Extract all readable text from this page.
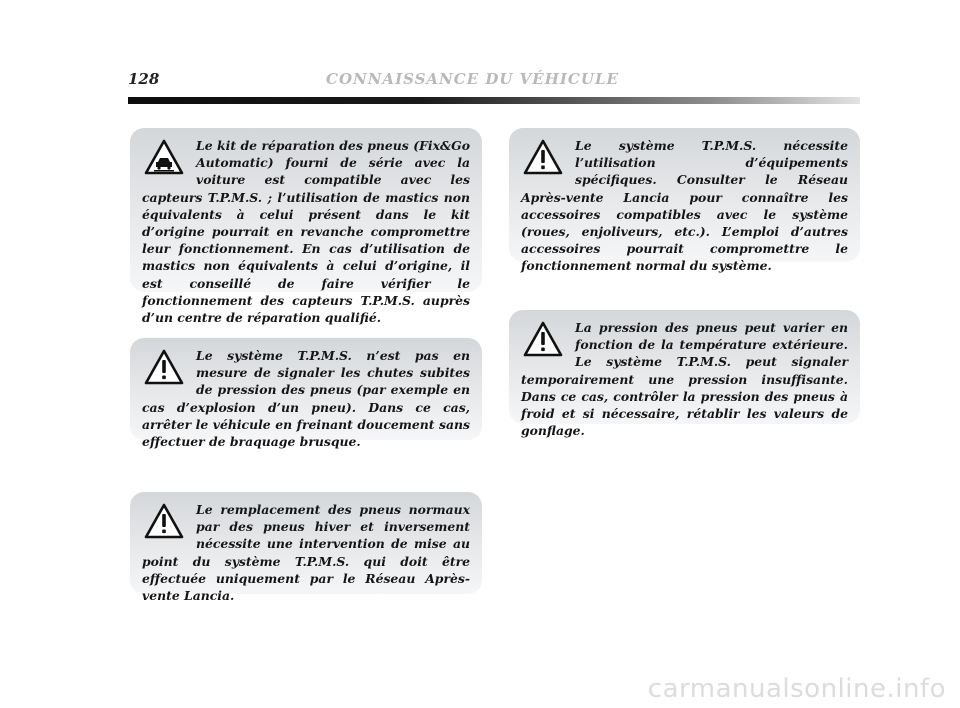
128	CONNAISSANCE DU VÉHICULE

Le kit de réparation des pneus (Fix&Go Automatic) fourni de série avec la voiture est compatible avec les capteurs T.P.M.S. ; l’utilisation de mastics non équivalents à celui présent dans le kit d’origine pourrait en revanche compromettre leur fonctionnement. En cas d’utilisation de mastics non équivalents à celui d’origine, il est conseillé de faire vérifier le fonctionnement des capteurs T.P.M.S. auprès d’un centre de réparation qualifié.

Le système T.P.M.S. n’est pas en mesure de signaler les chutes subites de pression des pneus (par exemple en cas d’explosion d’un pneu). Dans ce cas, arrêter le véhicule en freinant doucement sans effectuer de braquage brusque.

Le remplacement des pneus normaux par des pneus hiver et inversement nécessite une intervention de mise au point du système T.P.M.S. qui doit être effectuée uniquement par le Réseau Après-vente Lancia.

Le système T.P.M.S. nécessite l’utilisation d’équipements spécifiques. Consulter le Réseau Après-vente Lancia pour connaître les accessoires compatibles avec le système (roues, enjoliveurs, etc.). L’emploi d’autres accessoires pourrait compromettre le fonctionnement normal du système.

La pression des pneus peut varier en fonction de la température extérieure. Le système T.P.M.S. peut signaler temporairement une pression insuffisante. Dans ce cas, contrôler la pression des pneus à froid et si nécessaire, rétablir les valeurs de gonflage.

carmanualsonline.info
